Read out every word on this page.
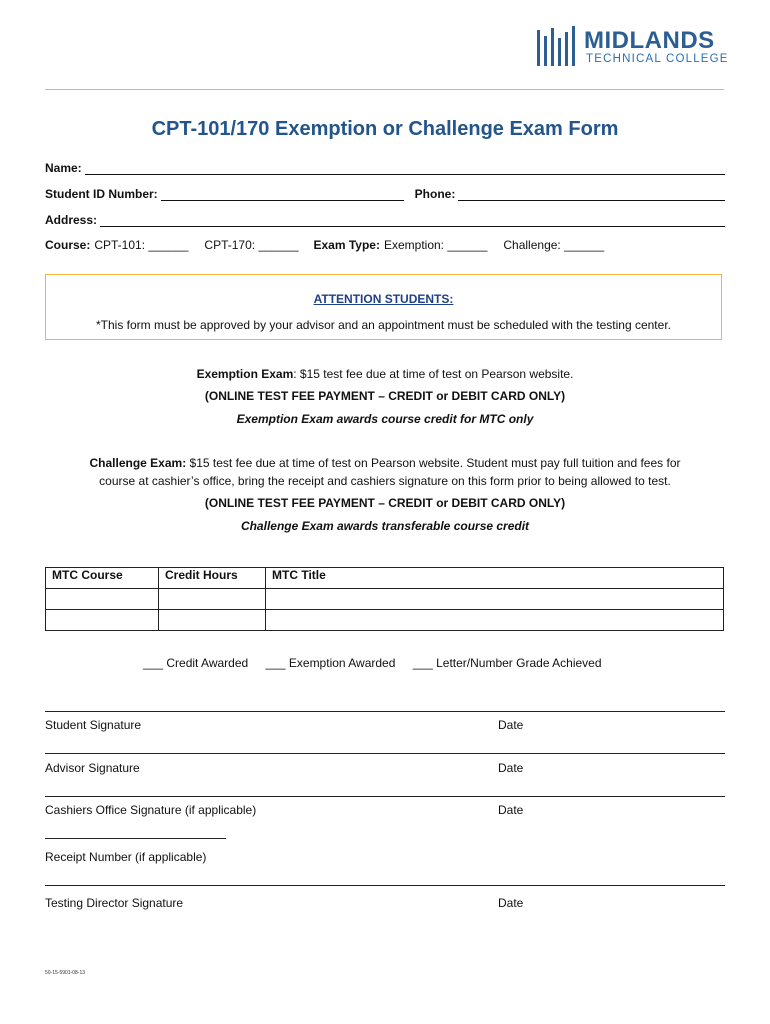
MIDLANDS
TECHNICAL COLLEGE
CPT-101/170 Exemption or Challenge Exam Form
Name:
Student ID Number:	Phone:
Address:
Course: CPT-101: ______ CPT-170: ______ Exam Type: Exemption: ______ Challenge: ______
ATTENTION STUDENTS:
*This form must be approved by your advisor and an appointment must be scheduled with the testing center.
Exemption Exam: $15 test fee due at time of test on Pearson website.
(ONLINE TEST FEE PAYMENT – CREDIT or DEBIT CARD ONLY)
Exemption Exam awards course credit for MTC only
Challenge Exam: $15 test fee due at time of test on Pearson website. Student must pay full tuition and fees for
course at cashier’s office, bring the receipt and cashiers signature on this form prior to being allowed to test.
(ONLINE TEST FEE PAYMENT – CREDIT or DEBIT CARD ONLY)
Challenge Exam awards transferable course credit
MTC Course	Credit Hours	MTC Title

___ Credit Awarded ___ Exemption Awarded ___ Letter/Number Grade Achieved
Student Signature	Date
Advisor Signature	Date
Cashiers Office Signature (if applicable)	Date
Receipt Number (if applicable)
Testing Director Signature	Date
50-15-5901-08-13
